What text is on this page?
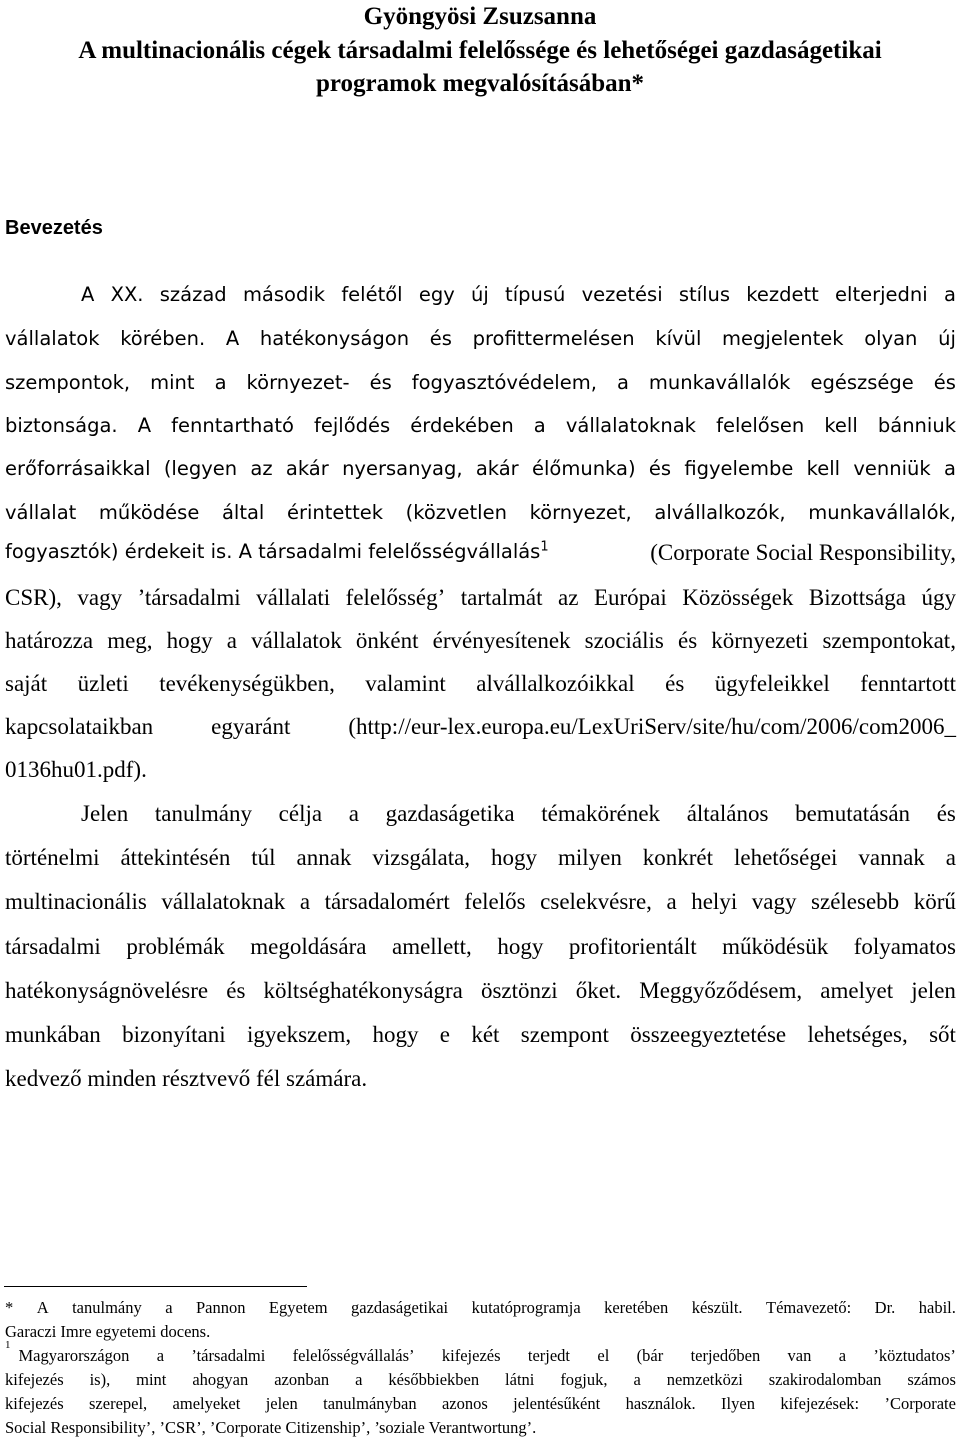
Gyöngyösi Zsuzsanna
A multinacionális cégek társadalmi felelőssége és lehetőségei gazdaságetikai
programok megvalósításában*
Bevezetés
A XX. század második felétől egy új típusú vezetési stílus kezdett elterjedni a
vállalatok körében. A hatékonyságon és profittermelésen kívül megjelentek olyan új
szempontok, mint a környezet- és fogyasztóvédelem, a munkavállalók egészsége és
biztonsága. A fenntartható fejlődés érdekében a vállalatoknak felelősen kell bánniuk
erőforrásaikkal (legyen az akár nyersanyag, akár élőmunka) és figyelembe kell venniük a
vállalat működése által érintettek (közvetlen környezet, alvállalkozók, munkavállalók,
fogyasztók) érdekeit is. A társadalmi felelősségvállalás$^1$	(Corporate Social Responsibility,
CSR), vagy ’társadalmi vállalati felelősség’ tartalmát az Európai Közösségek Bizottsága úgy
határozza meg, hogy a vállalatok önként érvényesítenek szociális és környezeti szempontokat,
saját üzleti tevékenységükben, valamint alvállalkozóikkal és ügyfeleikkel fenntartott
kapcsolataikban	egyaránt	(http://eur-lex.europa.eu/LexUriServ/site/hu/com/2006/com2006_
0136hu01.pdf).
Jelen tanulmány célja a gazdaságetika témakörének általános bemutatásán és
történelmi áttekintésén túl annak vizsgálata, hogy milyen konkrét lehetőségei vannak a
multinacionális vállalatoknak a társadalomért felelős cselekvésre, a helyi vagy szélesebb körű
társadalmi problémák megoldására amellett, hogy profitorientált működésük folyamatos
hatékonyságnövelésre és költséghatékonyságra ösztönzi őket. Meggyőződésem, amelyet jelen
munkában bizonyítani igyekszem, hogy e két szempont összeegyeztetése lehetséges, sőt
kedvező minden résztvevő fél számára.
* A tanulmány a Pannon Egyetem gazdaságetikai kutatóprogramja keretében készült. Témavezető: Dr. habil.
Garaczi Imre egyetemi docens.
1
Magyarországon a ’társadalmi felelősségvállalás’ kifejezés terjedt el (bár terjedőben van a ’köztudatos’
kifejezés is), mint ahogyan azonban a későbbiekben látni fogjuk, a nemzetközi szakirodalomban számos
kifejezés szerepel, amelyeket jelen tanulmányban azonos jelentésűként használok. Ilyen kifejezések: ’Corporate
Social Responsibility’, ’CSR’, ’Corporate Citizenship’, ’soziale Verantwortung’.
